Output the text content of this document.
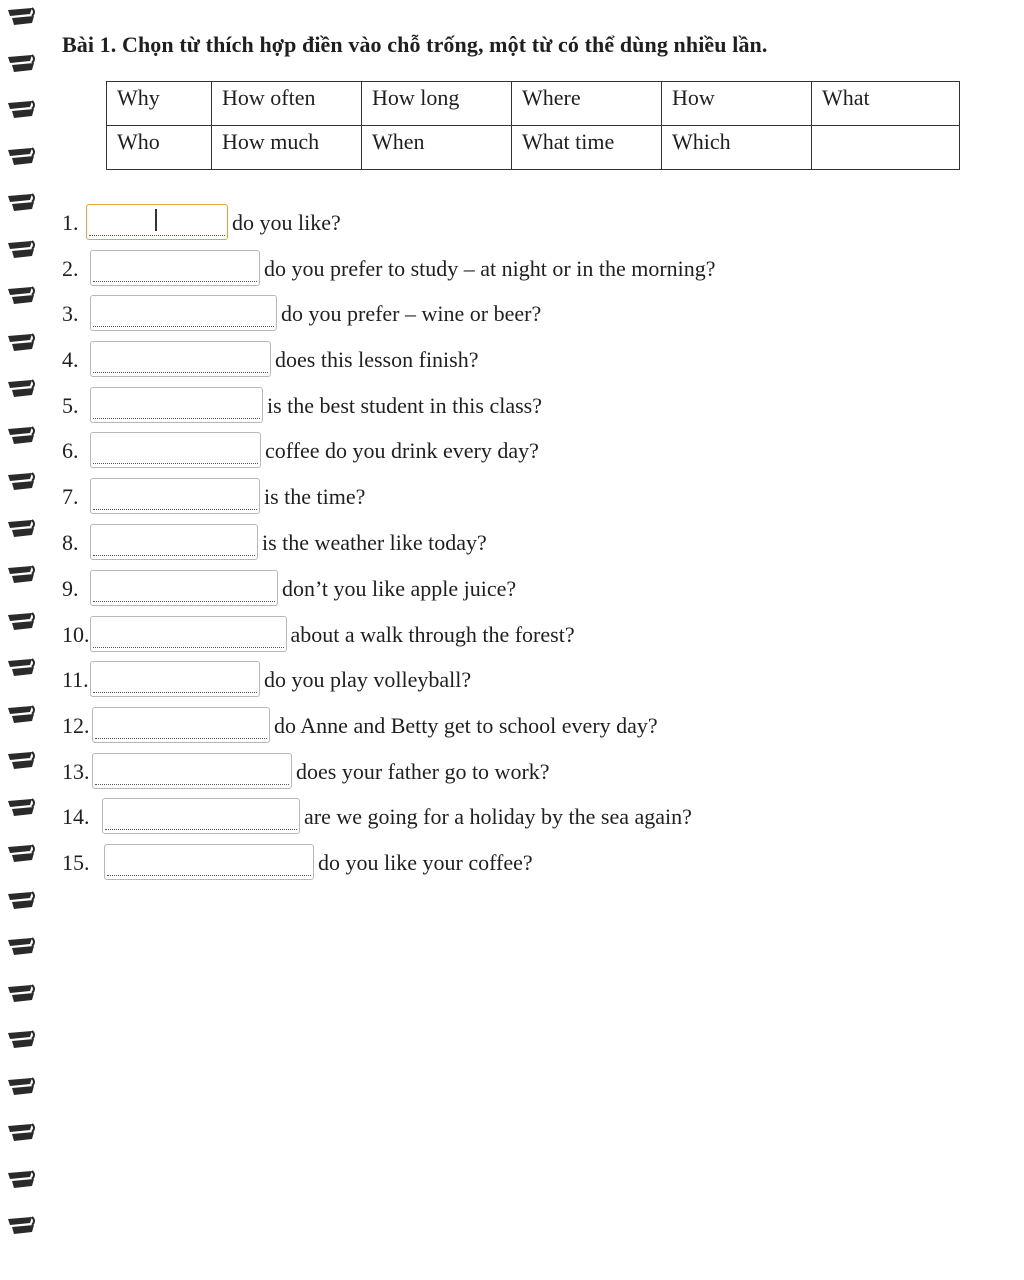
Bài 1. Chọn từ thích hợp điền vào chỗ trống, một từ có thể dùng nhiều lần.
Why	How often	How long	Where	How	What
Who	How much	When	What time	Which	
1.	do you like?
2.	do you prefer to study – at night or in the morning?
3.	do you prefer – wine or beer?
4.	does this lesson finish?
5.	is the best student in this class?
6.	coffee do you drink every day?
7.	is the time?
8.	is the weather like today?
9.	don’t you like apple juice?
10.	about a walk through the forest?
11.	do you play volleyball?
12.	do Anne and Betty get to school every day?
13.	does your father go to work?
14.	are we going for a holiday by the sea again?
15.	do you like your coffee?
